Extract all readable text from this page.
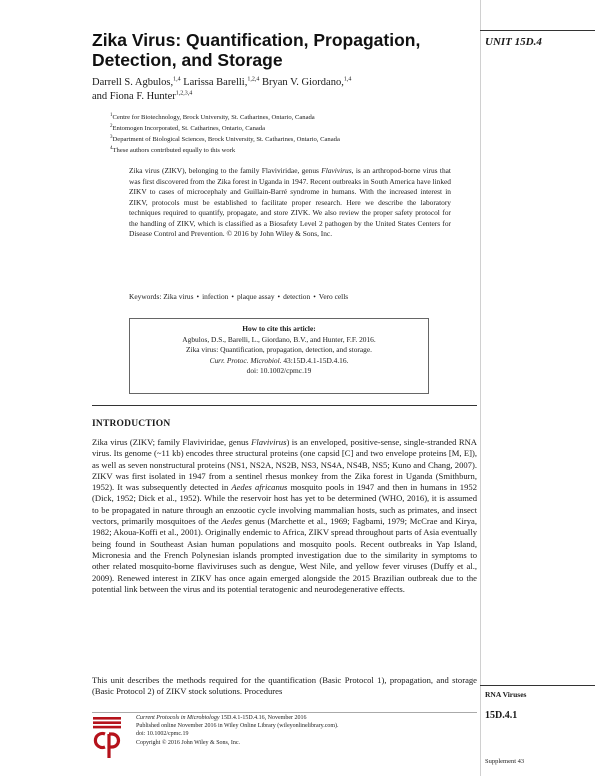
Zika Virus: Quantification, Propagation,
Detection, and Storage
UNIT 15D.4
Darrell S. Agbulos,$^{1,4}$ Larissa Barelli,$^{1,2,4}$ Bryan V. Giordano,$^{1,4}$
and Fiona F. Hunter$^{1,2,3,4}$
$^1$Centre for Biotechnology, Brock University, St. Catharines, Ontario, Canada
$^2$Entomogen Incorporated, St. Catharines, Ontario, Canada
$^3$Department of Biological Sciences, Brock University, St. Catharines, Ontario, Canada
$^4$These authors contributed equally to this work
Zika virus (ZIKV), belonging to the family Flaviviridae, genus Flavivirus, is an arthropod-borne virus that was first discovered from the Zika forest in Uganda in 1947. Recent outbreaks in South America have linked ZIKV to cases of microcephaly and Guillain-Barré syndrome in humans. With the increased interest in ZIKV, protocols must be established to facilitate proper research. Here we describe the laboratory techniques required to quantify, propagate, and store ZIVK. We also review the proper safety protocol for the handling of ZIKV, which is classified as a Biosafety Level 2 pathogen by the United States Centers for Disease Control and Prevention. © 2016 by John Wiley & Sons, Inc.
Keywords: Zika virus • infection • plaque assay • detection • Vero cells
How to cite this article:
Agbulos, D.S., Barelli, L., Giordano, B.V., and Hunter, F.F. 2016.
Zika virus: Quantification, propagation, detection, and storage.
Curr. Protoc. Microbiol. 43:15D.4.1-15D.4.16.
doi: 10.1002/cpmc.19
INTRODUCTION
Zika virus (ZIKV; family Flaviviridae, genus Flavivirus) is an enveloped, positive-sense, single-stranded RNA virus. Its genome (~11 kb) encodes three structural proteins (one capsid [C] and two envelope proteins [M, E]), as well as seven nonstructural proteins (NS1, NS2A, NS2B, NS3, NS4A, NS4B, NS5; Kuno and Chang, 2007). ZIKV was first isolated in 1947 from a sentinel rhesus monkey from the Zika forest in Uganda (Smithburn, 1952). It was subsequently detected in Aedes africanus mosquito pools in 1947 and then in humans in 1952 (Dick, 1952; Dick et al., 1952). While the reservoir host has yet to be determined (WHO, 2016), it is assumed to be propagated in nature through an enzootic cycle involving mammalian hosts, such as primates, and insect vectors, primarily mosquitoes of the Aedes genus (Marchette et al., 1969; Fagbami, 1979; McCrae and Kirya, 1982; Akoua-Koffi et al., 2001). Originally endemic to Africa, ZIKV spread throughout parts of Asia eventually being found in Southeast Asian human populations and mosquito pools. Recent outbreaks in Yap Island, Micronesia and the French Polynesian islands prompted investigation due to the similarity in symptoms to other related mosquito-borne flaviviruses such as dengue, West Nile, and yellow fever viruses (Duffy et al., 2009). Renewed interest in ZIKV has once again emerged alongside the 2015 Brazilian outbreak due to the potential link between the virus and its potential teratogenic and neurodegenerative effects.
This unit describes the methods required for the quantification (Basic Protocol 1), propagation, and storage (Basic Protocol 2) of ZIKV stock solutions. Procedures	RNA Viruses
15D.4.1
Supplement 43
Current Protocols in Microbiology 15D.4.1-15D.4.16, November 2016
Published online November 2016 in Wiley Online Library (wileyonlinelibrary.com).
doi: 10.1002/cpmc.19
Copyright © 2016 John Wiley & Sons, Inc.
